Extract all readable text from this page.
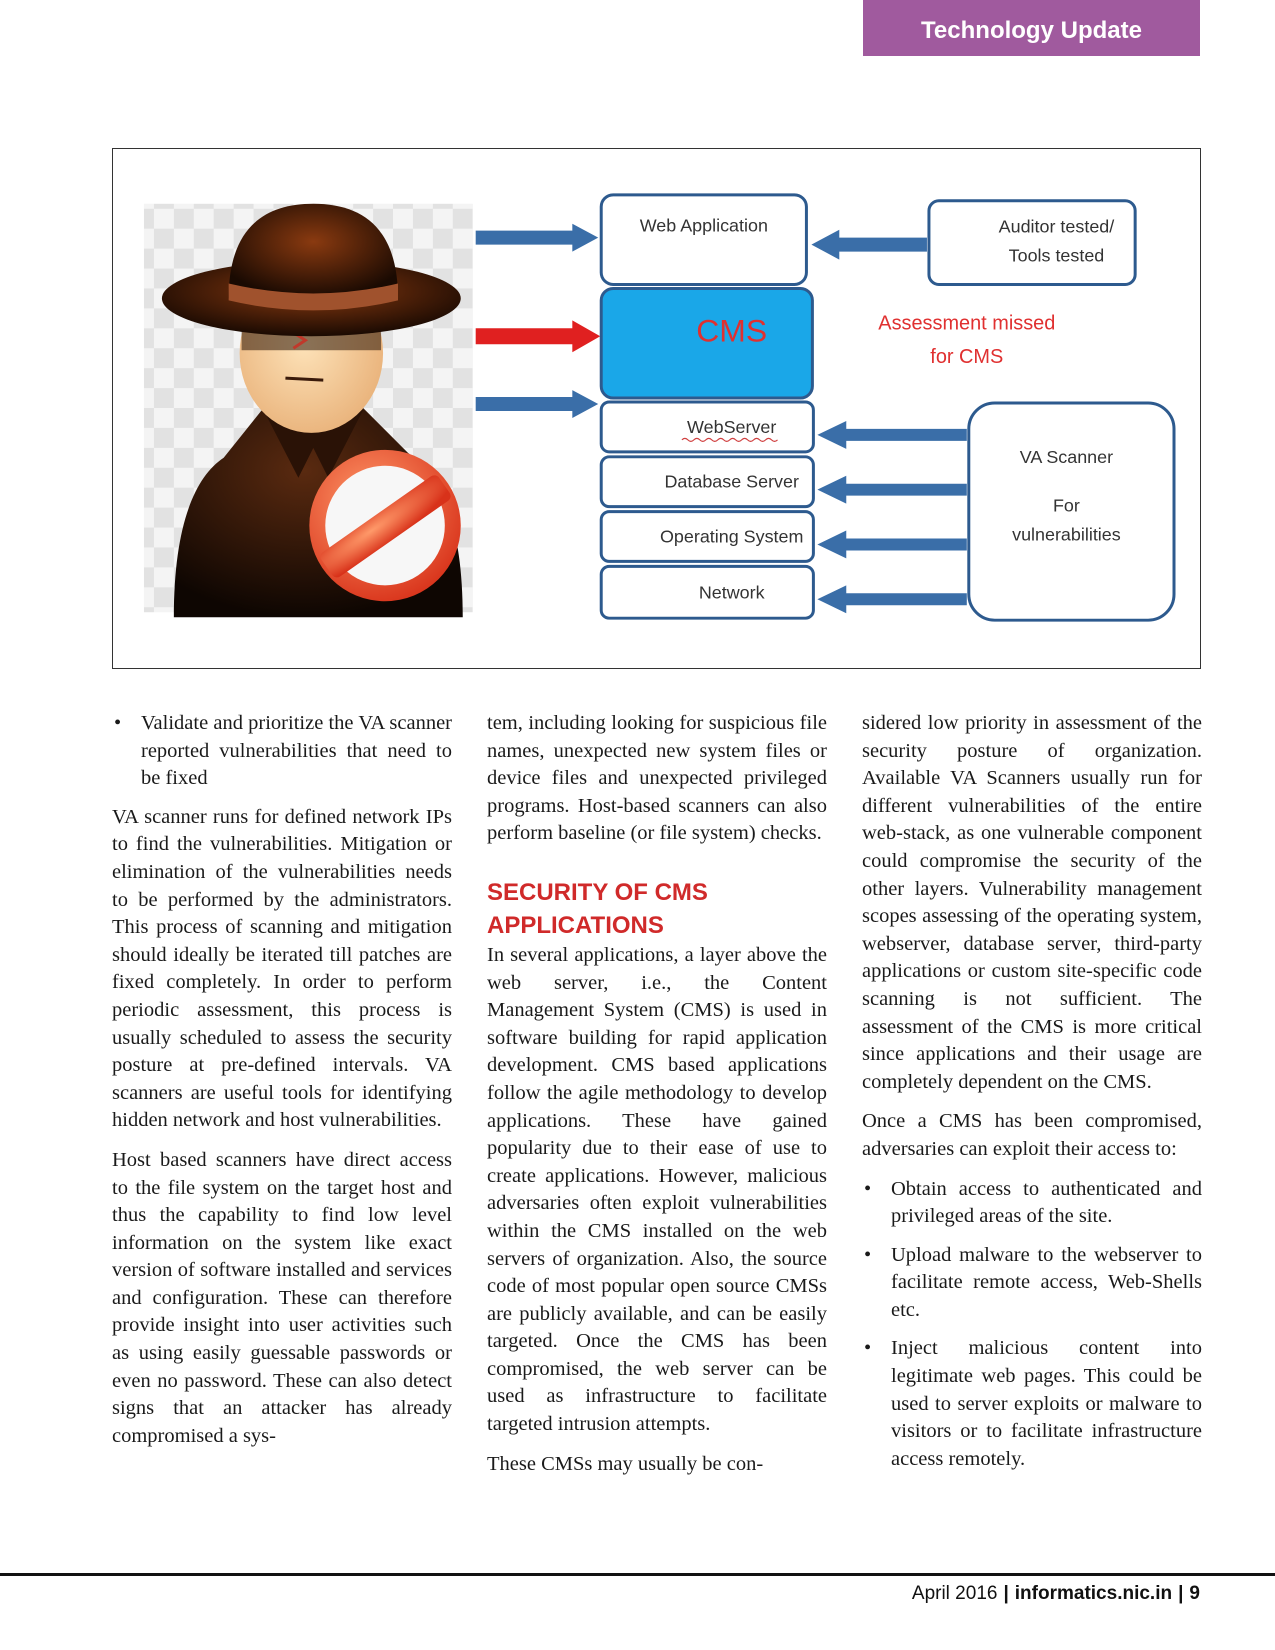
Technology Update
Web Application
CMS
WebServer
Database Server
Operating System
Network
Auditor tested/
Tools tested
Assessment missed
for CMS
VA Scanner
For
vulnerabilities
• Validate and prioritize the VA scanner reported vulnerabilities that need to be fixed

VA scanner runs for defined network IPs to find the vulnerabilities. Mitigation or elimination of the vulnerabilities needs to be performed by the administrators. This process of scanning and mitigation should ideally be iterated till patches are fixed completely. In order to perform periodic assessment, this process is usually scheduled to assess the security posture at pre-defined intervals. VA scanners are useful tools for identifying hidden network and host vulnerabilities.

Host based scanners have direct access to the file system on the target host and thus the capability to find low level information on the system like exact version of software installed and services and configuration. These can therefore provide insight into user activities such as using easily guessable passwords or even no password. These can also detect signs that an attacker has already compromised a sys-

tem, including looking for suspicious file names, unexpected new system files or device files and unexpected privileged programs. Host-based scanners can also perform baseline (or file system) checks.

SECURITY OF CMS
APPLICATIONS

In several applications, a layer above the web server, i.e., the Content Management System (CMS) is used in software building for rapid application development. CMS based applications follow the agile methodology to develop applications. These have gained popularity due to their ease of use to create applications. However, malicious adversaries often exploit vulnerabilities within the CMS installed on the web servers of organization. Also, the source code of most popular open source CMSs are publicly available, and can be easily targeted. Once the CMS has been compromised, the web server can be used as infrastructure to facilitate targeted intrusion attempts.

These CMSs may usually be con-

sidered low priority in assessment of the security posture of organization. Available VA Scanners usually run for different vulnerabilities of the entire web-stack, as one vulnerable component could compromise the security of the other layers. Vulnerability management scopes assessing of the operating system, webserver, database server, third-party applications or custom site-specific code scanning is not sufficient. The assessment of the CMS is more critical since applications and their usage are completely dependent on the CMS.

Once a CMS has been compromised, adversaries can exploit their access to:

• Obtain access to authenticated and privileged areas of the site.
• Upload malware to the webserver to facilitate remote access, Web-Shells etc.
• Inject malicious content into legitimate web pages. This could be used to server exploits or malware to visitors or to facilitate infrastructure access remotely.
April 2016 | informatics.nic.in | 9
